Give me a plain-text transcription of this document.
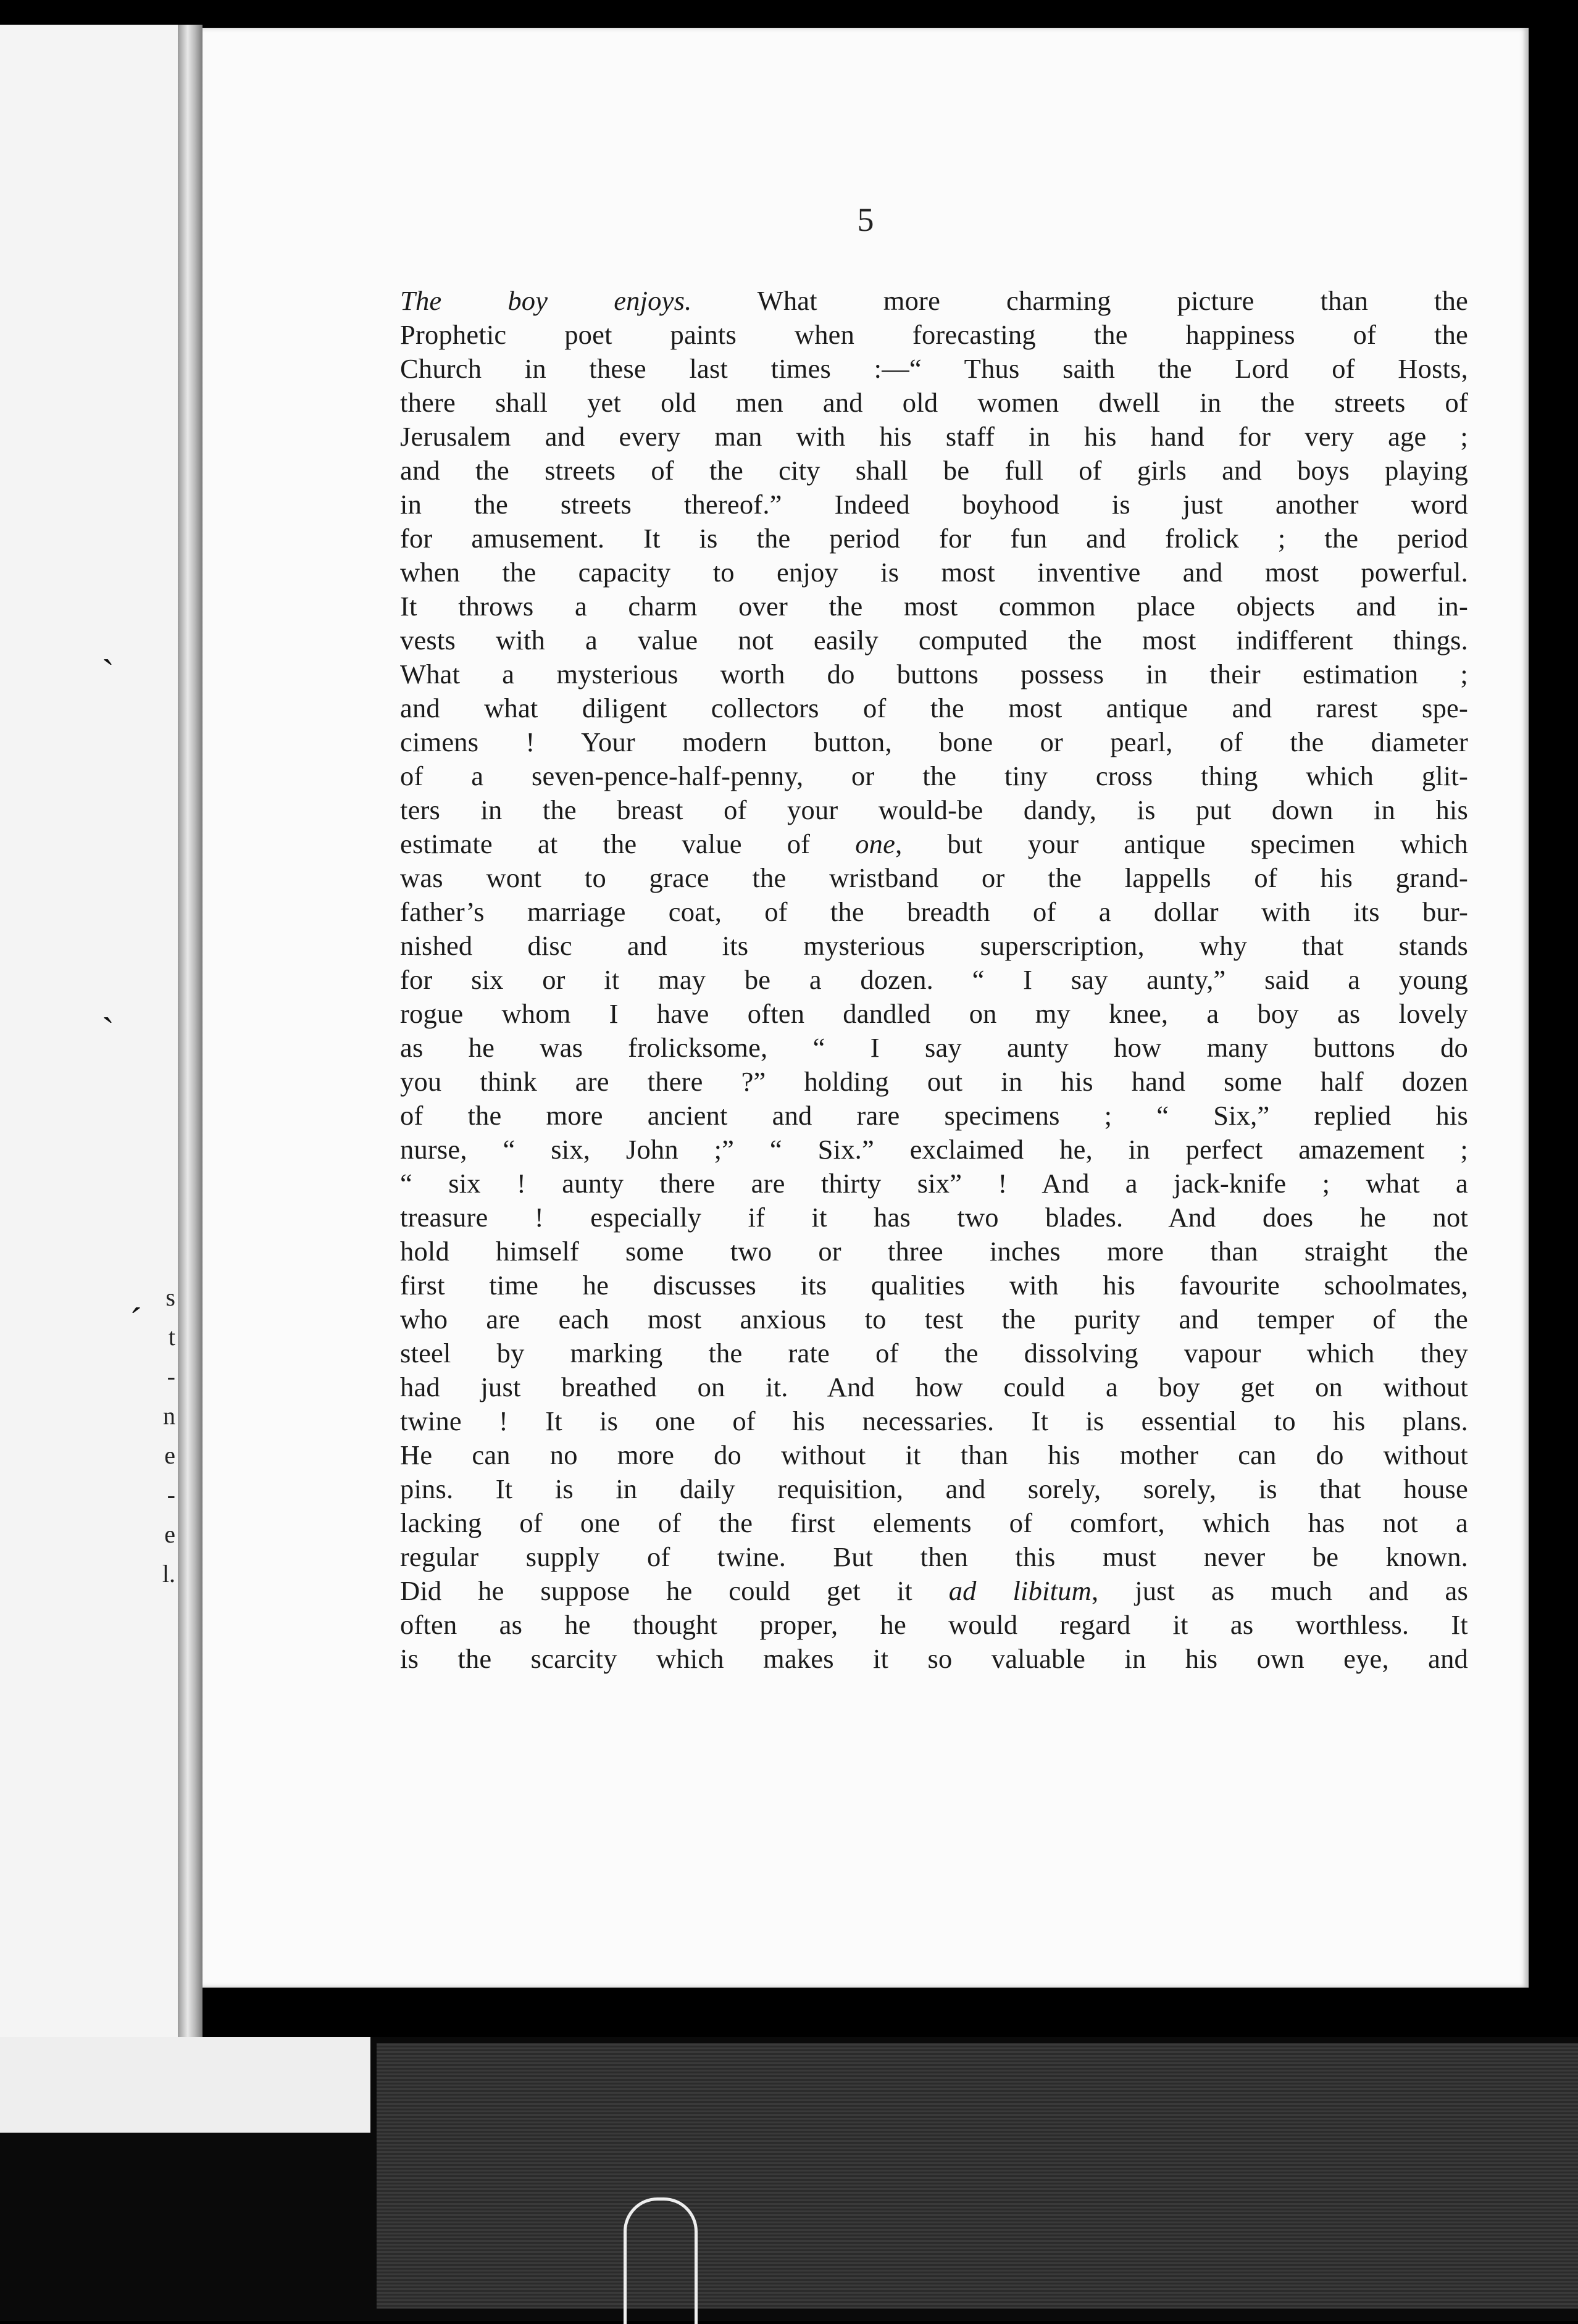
s
t
-
n
e
-
e
l.
ˋ
ˋ
ˊ
5
The boy enjoys. What more charming picture than the
Prophetic poet paints when forecasting the happiness of the
Church in these last times :—“ Thus saith the Lord of Hosts,
there shall yet old men and old women dwell in the streets of
Jerusalem and every man with his staff in his hand for very age ;
and the streets of the city shall be full of girls and boys playing
in the streets thereof.” Indeed boyhood is just another word
for amusement. It is the period for fun and frolick ; the period
when the capacity to enjoy is most inventive and most powerful.
It throws a charm over the most common place objects and in-
vests with a value not easily computed the most indifferent things.
What a mysterious worth do buttons possess in their estimation ;
and what diligent collectors of the most antique and rarest spe-
cimens ! Your modern button, bone or pearl, of the diameter
of a seven-pence-half-penny, or the tiny cross thing which glit-
ters in the breast of your would-be dandy, is put down in his
estimate at the value of one, but your antique specimen which
was wont to grace the wristband or the lappells of his grand-
father’s marriage coat, of the breadth of a dollar with its bur-
nished disc and its mysterious superscription, why that stands
for six or it may be a dozen. “ I say aunty,” said a young
rogue whom I have often dandled on my knee, a boy as lovely
as he was frolicksome, “ I say aunty how many buttons do
you think are there ?” holding out in his hand some half dozen
of the more ancient and rare specimens ; “ Six,” replied his
nurse, “ six, John ;” “ Six.” exclaimed he, in perfect amazement ;
“ six ! aunty there are thirty six” ! And a jack-knife ; what a
treasure ! especially if it has two blades. And does he not
hold himself some two or three inches more than straight the
first time he discusses its qualities with his favourite schoolmates,
who are each most anxious to test the purity and temper of the
steel by marking the rate of the dissolving vapour which they
had just breathed on it. And how could a boy get on without
twine ! It is one of his necessaries. It is essential to his plans.
He can no more do without it than his mother can do without
pins. It is in daily requisition, and sorely, sorely, is that house
lacking of one of the first elements of comfort, which has not a
regular supply of twine. But then this must never be known.
Did he suppose he could get it ad libitum, just as much and as
often as he thought proper, he would regard it as worthless. It
is the scarcity which makes it so valuable in his own eye, and
